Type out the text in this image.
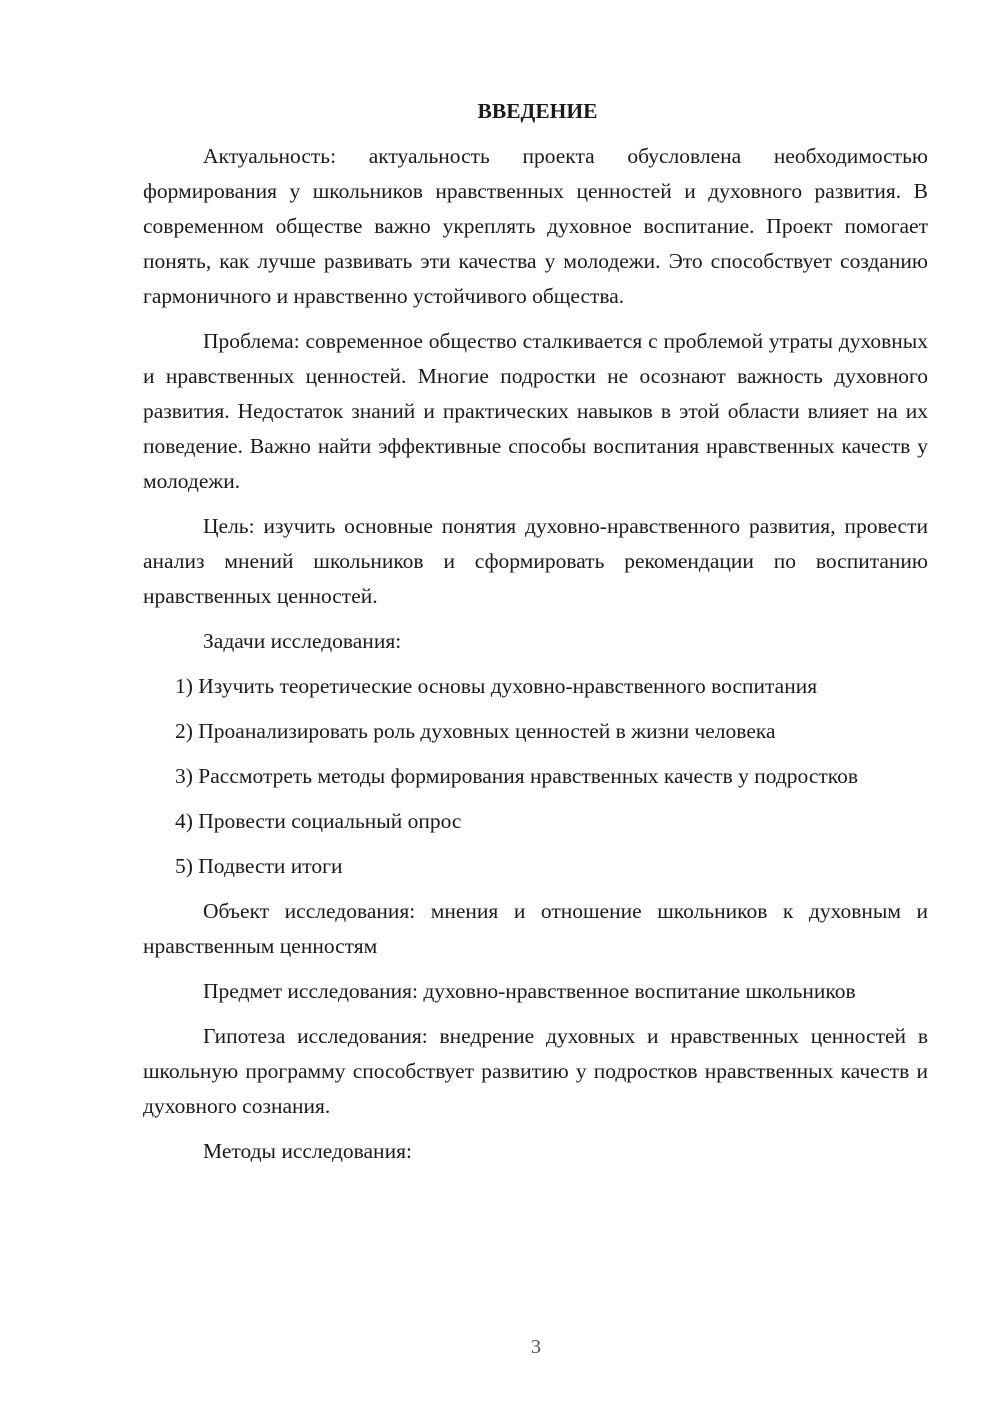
ВВЕДЕНИЕ

Актуальность: актуальность проекта обусловлена необходимостью формирования у школьников нравственных ценностей и духовного развития. В современном обществе важно укреплять духовное воспитание. Проект помогает понять, как лучше развивать эти качества у молодежи. Это способствует созданию гармоничного и нравственно устойчивого общества.

Проблема: современное общество сталкивается с проблемой утраты духовных и нравственных ценностей. Многие подростки не осознают важность духовного развития. Недостаток знаний и практических навыков в этой области влияет на их поведение. Важно найти эффективные способы воспитания нравственных качеств у молодежи.

Цель: изучить основные понятия духовно-нравственного развития, провести анализ мнений школьников и сформировать рекомендации по воспитанию нравственных ценностей.

Задачи исследования:

1) Изучить теоретические основы духовно-нравственного воспитания

2) Проанализировать роль духовных ценностей в жизни человека

3) Рассмотреть методы формирования нравственных качеств у подростков

4) Провести социальный опрос

5) Подвести итоги

Объект исследования: мнения и отношение школьников к духовным и нравственным ценностям

Предмет исследования: духовно-нравственное воспитание школьников

Гипотеза исследования: внедрение духовных и нравственных ценностей в школьную программу способствует развитию у подростков нравственных качеств и духовного сознания.

Методы исследования:

3
